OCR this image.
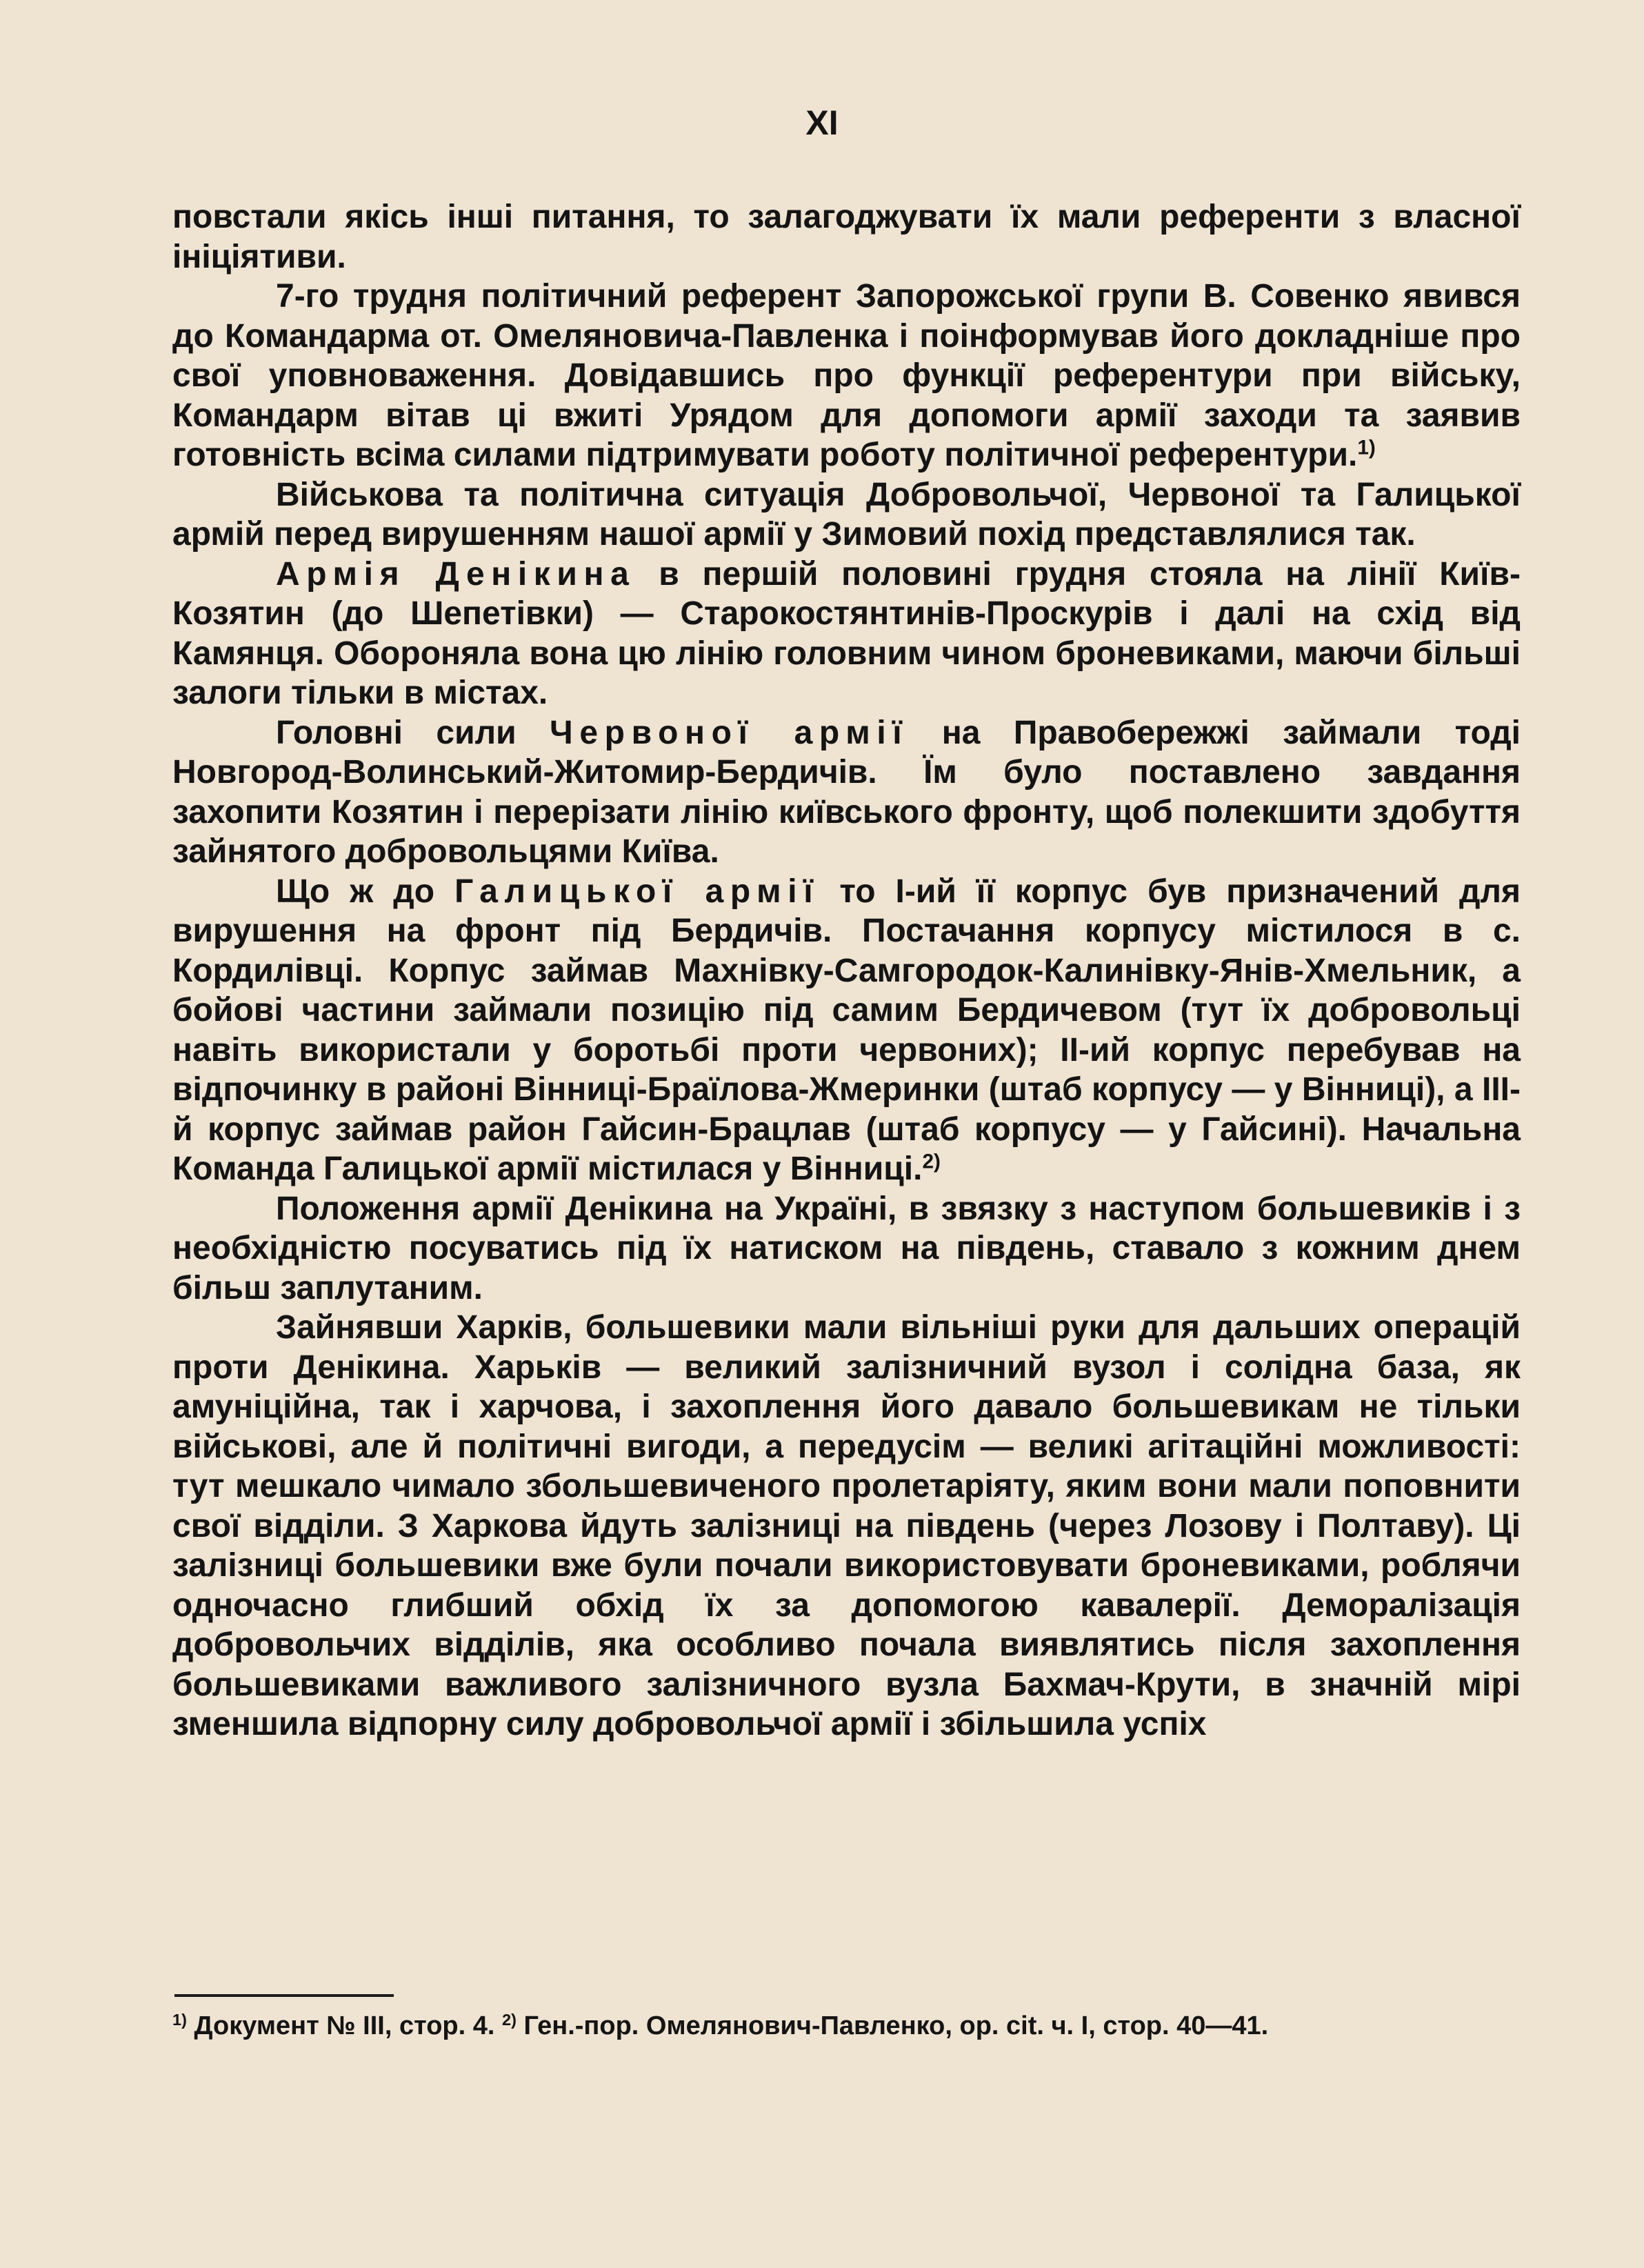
XI

повстали якісь інші питання, то залагоджувати їх мали референти з власної ініціятиви.

7-го трудня політичний референт Запорожської групи В. Совенко явився до Командарма от. Омеляновича-Павленка і поінформував його докладніше про свої уповноваження. Довідавшись про функції референтури при війську, Командарм вітав ці вжиті Урядом для допомоги армії заходи та заявив готовність всіма силами підтримувати роботу політичної референтури.$^{1)}$

Військова та політична ситуація Добровольчої, Червоної та Галицької армій перед вирушенням нашої армії у Зимовий похід представлялися так.

Армія Денікина в першій половині грудня стояла на лінії Київ-Козятин (до Шепетівки) — Старокостянтинів-Проскурів і далі на схід від Камянця. Обороняла вона цю лінію головним чином броневиками, маючи більші залоги тільки в містах.

Головні сили Червоної армії на Правобережжі займали тоді Новгород-Волинський-Житомир-Бердичів. Їм було поставлено завдання захопити Козятин і перерізати лінію київського фронту, щоб полекшити здобуття зайнятого добровольцями Київа.

Що ж до Галицької армії то І-ий її корпус був призначений для вирушення на фронт під Бердичів. Постачання корпусу містилося в с. Кордилівці. Корпус займав Махнівку-Самгородок-Калинівку-Янів-Хмельник, а бойові частини займали позицію під самим Бердичевом (тут їх добровольці навіть використали у боротьбі проти червоних); ІІ-ий корпус перебував на відпочинку в районі Вінниці-Браїлова-Жмеринки (штаб корпусу — у Вінниці), а ІІІ-й корпус займав район Гайсин-Брацлав (штаб корпусу — у Гайсині). Начальна Команда Галицької армії містилася у Вінниці.$^{2)}$

Положення армії Денікина на Україні, в звязку з наступом большевиків і з необхідністю посуватись під їх натиском на південь, ставало з кожним днем більш заплутаним.

Зайнявши Харків, большевики мали вільніші руки для дальших операцій проти Денікина. Харьків — великий залізничний вузол і солідна база, як амуніційна, так і харчова, і захоплення його давало большевикам не тільки військові, але й політичні вигоди, а передусім — великі агітаційні можливості: тут мешкало чимало збольшевиченого пролетаріяту, яким вони мали поповнити свої відділи. З Харкова йдуть залізниці на південь (через Лозову і Полтаву). Ці залізниці большевики вже були почали використовувати броневиками, роблячи одночасно глибший обхід їх за допомогою кавалерії. Деморалізація добровольчих відділів, яка особливо почала виявлятись після захоплення большевиками важливого залізничного вузла Бахмач-Крути, в значній мірі зменшила відпорну силу добровольчої армії і збільшила успіх

$^{1)}$ Документ № ІІІ, стор. 4. $^{2)}$ Ген.-пор. Омелянович-Павленко, ор. cit. ч. І, стор. 40—41.
